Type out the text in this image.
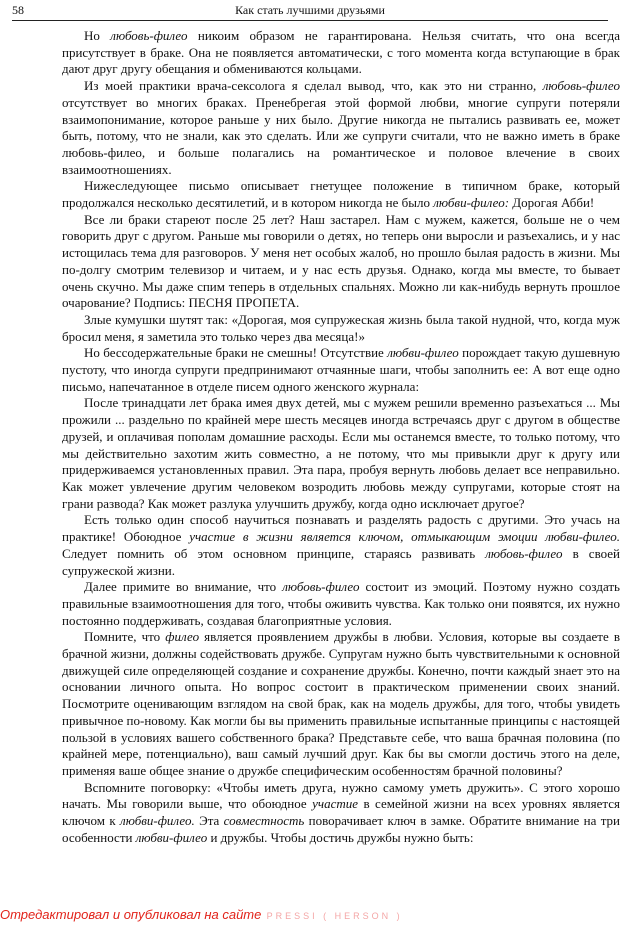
58	Как стать лучшими друзьями

Но любовь-филео никоим образом не гарантирована. Нельзя считать, что она всегда присутствует в браке. Она не появляется автоматически, с того момента когда вступающие в брак дают друг другу обещания и обмениваются кольцами.

Из моей практики врача-сексолога я сделал вывод, что, как это ни странно, любовь-филео отсутствует во многих браках. Пренебрегая этой формой любви, многие супруги потеряли взаимопонимание, которое раньше у них было. Другие никогда не пытались развивать ее, может быть, потому, что не знали, как это сделать. Или же супруги считали, что не важно иметь в браке любовь-филео, и больше полагались на романтическое и половое влечение в своих взаимоотношениях.

Нижеследующее письмо описывает гнетущее положение в типичном браке, который продолжался несколько десятилетий, и в котором никогда не было любви-филео: Дорогая Абби!

Все ли браки стареют после 25 лет? Наш застарел. Нам с мужем, кажется, больше не о чем говорить друг с другом. Раньше мы говорили о детях, но теперь они выросли и разъехались, и у нас истощилась тема для разговоров. У меня нет особых жалоб, но прошло былая радость в жизни. Мы по-долгу смотрим телевизор и читаем, и у нас есть друзья. Однако, когда мы вместе, то бывает очень скучно. Мы даже спим теперь в отдельных спальнях. Можно ли как-нибудь вернуть прошлое очарование? Подпись: ПЕСНЯ ПРОПЕТА.

Злые кумушки шутят так: «Дорогая, моя супружеская жизнь была такой нудной, что, когда муж бросил меня, я заметила это только через два месяца!»

Но бессодержательные браки не смешны! Отсутствие любви-филео порождает такую душевную пустоту, что иногда супруги предпринимают отчаянные шаги, чтобы заполнить ее: А вот еще одно письмо, напечатанное в отделе писем одного женского журнала:

После тринадцати лет брака имея двух детей, мы с мужем решили временно разъехаться ... Мы прожили ... раздельно по крайней мере шесть месяцев иногда встречаясь друг с другом в обществе друзей, и оплачивая пополам домашние расходы. Если мы останемся вместе, то только потому, что мы действительно захотим жить совместно, а не потому, что мы привыкли друг к другу или придерживаемся установленных правил. Эта пара, пробуя вернуть любовь делает все неправильно. Как может увлечение другим человеком возродить любовь между супругами, которые стоят на грани развода? Как может разлука улучшить дружбу, когда одно исключает другое?

Есть только один способ научиться познавать и разделять радость с другими. Это учась на практике! Обоюдное участие в жизни является ключом, отмыкающим эмоции любви-филео. Следует помнить об этом основном принципе, стараясь развивать любовь-филео в своей супружеской жизни.

Далее примите во внимание, что любовь-филео состоит из эмоций. Поэтому нужно создать правильные взаимоотношения для того, чтобы оживить чувства. Как только они появятся, их нужно постоянно поддерживать, создавая благоприятные условия.

Помните, что филео является проявлением дружбы в любви. Условия, которые вы создаете в брачной жизни, должны содействовать дружбе. Супругам нужно быть чувствительными к основной движущей силе определяющей создание и сохранение дружбы. Конечно, почти каждый знает это на основании личного опыта. Но вопрос состоит в практическом применении своих знаний. Посмотрите оценивающим взглядом на свой брак, как на модель дружбы, для того, чтобы увидеть привычное по-новому. Как могли бы вы применить правильные испытанные принципы с настоящей пользой в условиях вашего собственного брака? Представьте себе, что ваша брачная половина (по крайней мере, потенциально), ваш самый лучший друг. Как бы вы смогли достичь этого на деле, применяя ваше общее знание о дружбе специфическим особенностям брачной половины?

Вспомните поговорку: «Чтобы иметь друга, нужно самому уметь дружить». С этого хорошо начать. Мы говорили выше, что обоюдное участие в семейной жизни на всех уровнях является ключом к любви-филео. Эта совместность поворачивает ключ в замке. Обратите внимание на три особенности любви-филео и дружбы. Чтобы достичь дружбы нужно быть:

Отредактировал и опубликовал на сайте PRESSI ( HERSON )
